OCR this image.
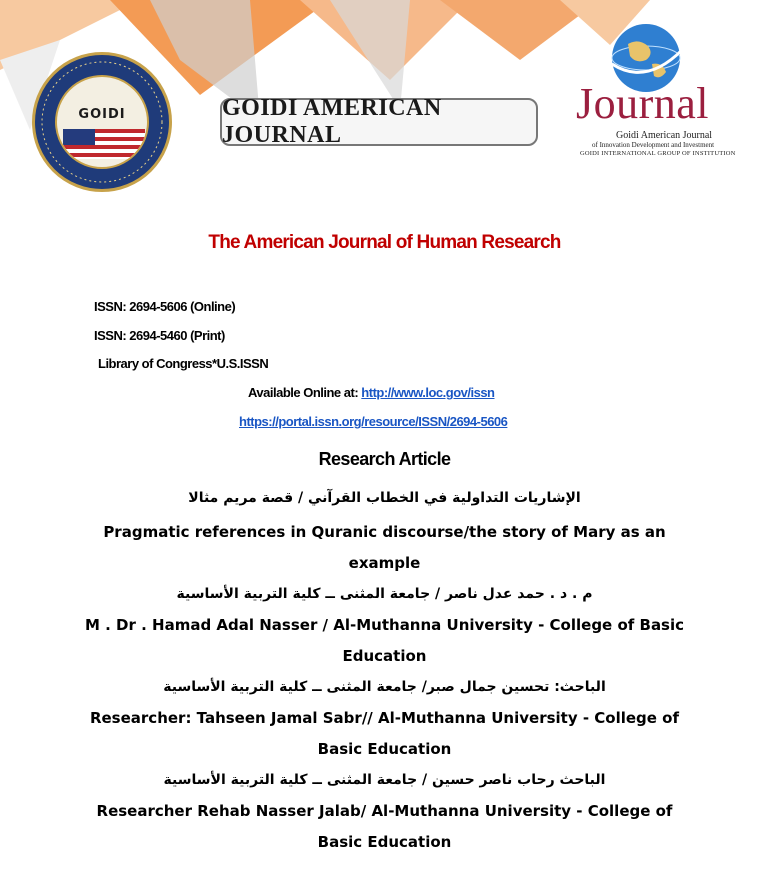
GOIDI	GOIDI AMERICAN JOURNAL
Journal
Goidi American Journal
of Innovation Development and Investment
GOIDI INTERNATIONAL GROUP OF INSTITUTION
The American Journal of Human Research
ISSN: 2694-5606 (Online)
ISSN: 2694-5460 (Print)
Library of Congress*U.S.ISSN
Available Online at: http://www.loc.gov/issn
https://portal.issn.org/resource/ISSN/2694-5606
Research Article
الإشاريات التداولية في الخطاب القرآني / قصة مريم مثالا
Pragmatic references in Quranic discourse/the story of Mary as an
example
م . د . حمد عدل ناصر / جامعة المثنى ــ كلية التربية الأساسية
M . Dr . Hamad Adal Nasser / Al-Muthanna University - College of Basic
Education
الباحث: تحسين جمال صبر/ جامعة المثنى ــ كلية التربية الأساسية
Researcher: Tahseen Jamal Sabr// Al-Muthanna University - College of
Basic Education
الباحث رحاب ناصر حسين / جامعة المثنى ــ كلية التربية الأساسية
Researcher Rehab Nasser Jalab/ Al-Muthanna University - College of
Basic Education
